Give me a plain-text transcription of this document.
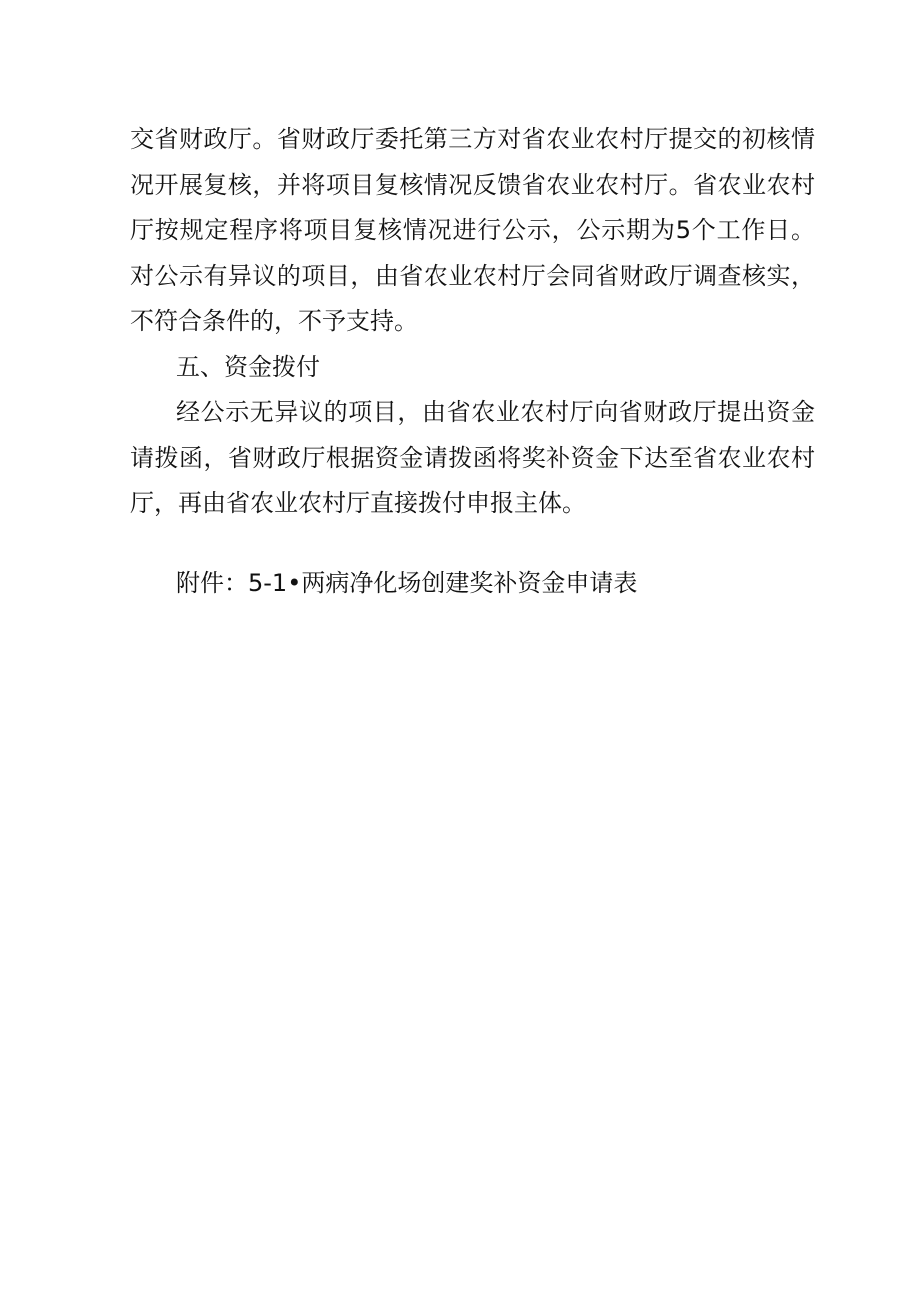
交省财政厅。省财政厅委托第三方对省农业农村厅提交的初核情况开展复核，并将项目复核情况反馈省农业农村厅。省农业农村厅按规定程序将项目复核情况进行公示，公示期为5个工作日。对公示有异议的项目，由省农业农村厅会同省财政厅调查核实，不符合条件的，不予支持。

五、资金拨付

经公示无异议的项目，由省农业农村厅向省财政厅提出资金请拨函，省财政厅根据资金请拨函将奖补资金下达至省农业农村厅，再由省农业农村厅直接拨付申报主体。

附件：5-1•两病净化场创建奖补资金申请表
